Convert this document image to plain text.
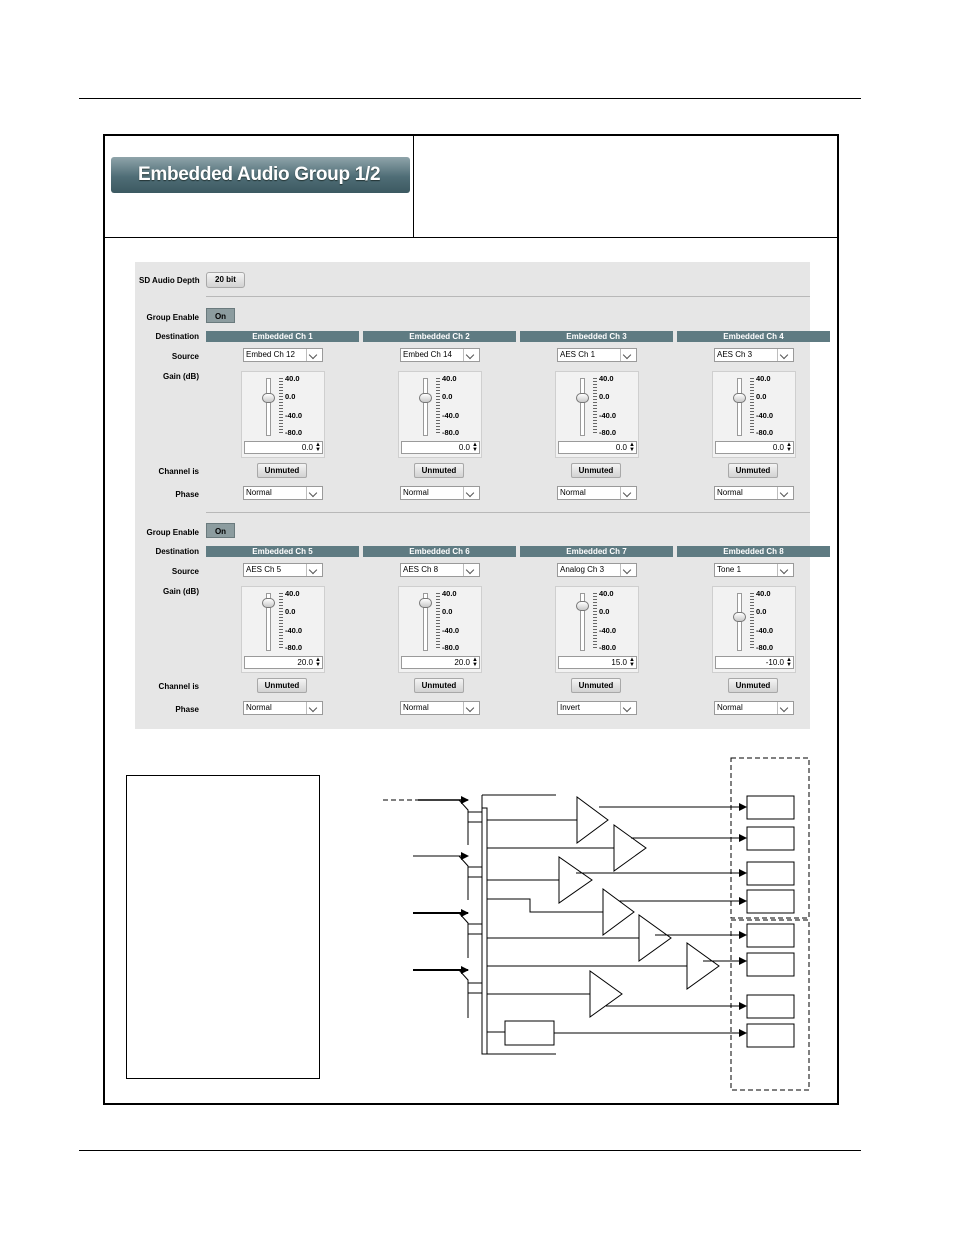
Embedded Audio Group 1/2
SD Audio Depth	20 bit
Group Enable
Destination
Source
Gain (dB)
Channel is
Phase
On
Embedded Ch 1
Embed Ch 12
40.0
0.0
-40.0
-80.0
0.0 ▲
▼
Unmuted
Normal
Embedded Ch 2
Embed Ch 14
40.0
0.0
-40.0
-80.0
0.0 ▲
▼
Unmuted
Normal
Embedded Ch 3
AES Ch 1
40.0
0.0
-40.0
-80.0
0.0 ▲
▼
Unmuted
Normal
Embedded Ch 4
AES Ch 3
40.0
0.0
-40.0
-80.0
0.0 ▲
▼
Unmuted
Normal
Group Enable
Destination
Source
Gain (dB)
Channel is
Phase
On
Embedded Ch 5
AES Ch 5
40.0
0.0
-40.0
-80.0
20.0 ▲
▼
Unmuted
Normal
Embedded Ch 6
AES Ch 8
40.0
0.0
-40.0
-80.0
20.0 ▲
▼
Unmuted
Normal
Embedded Ch 7
Analog Ch 3
40.0
0.0
-40.0
-80.0
15.0 ▲
▼
Unmuted
Invert
Embedded Ch 8
Tone 1
40.0
0.0
-40.0
-80.0
-10.0 ▲
▼
Unmuted
Normal
